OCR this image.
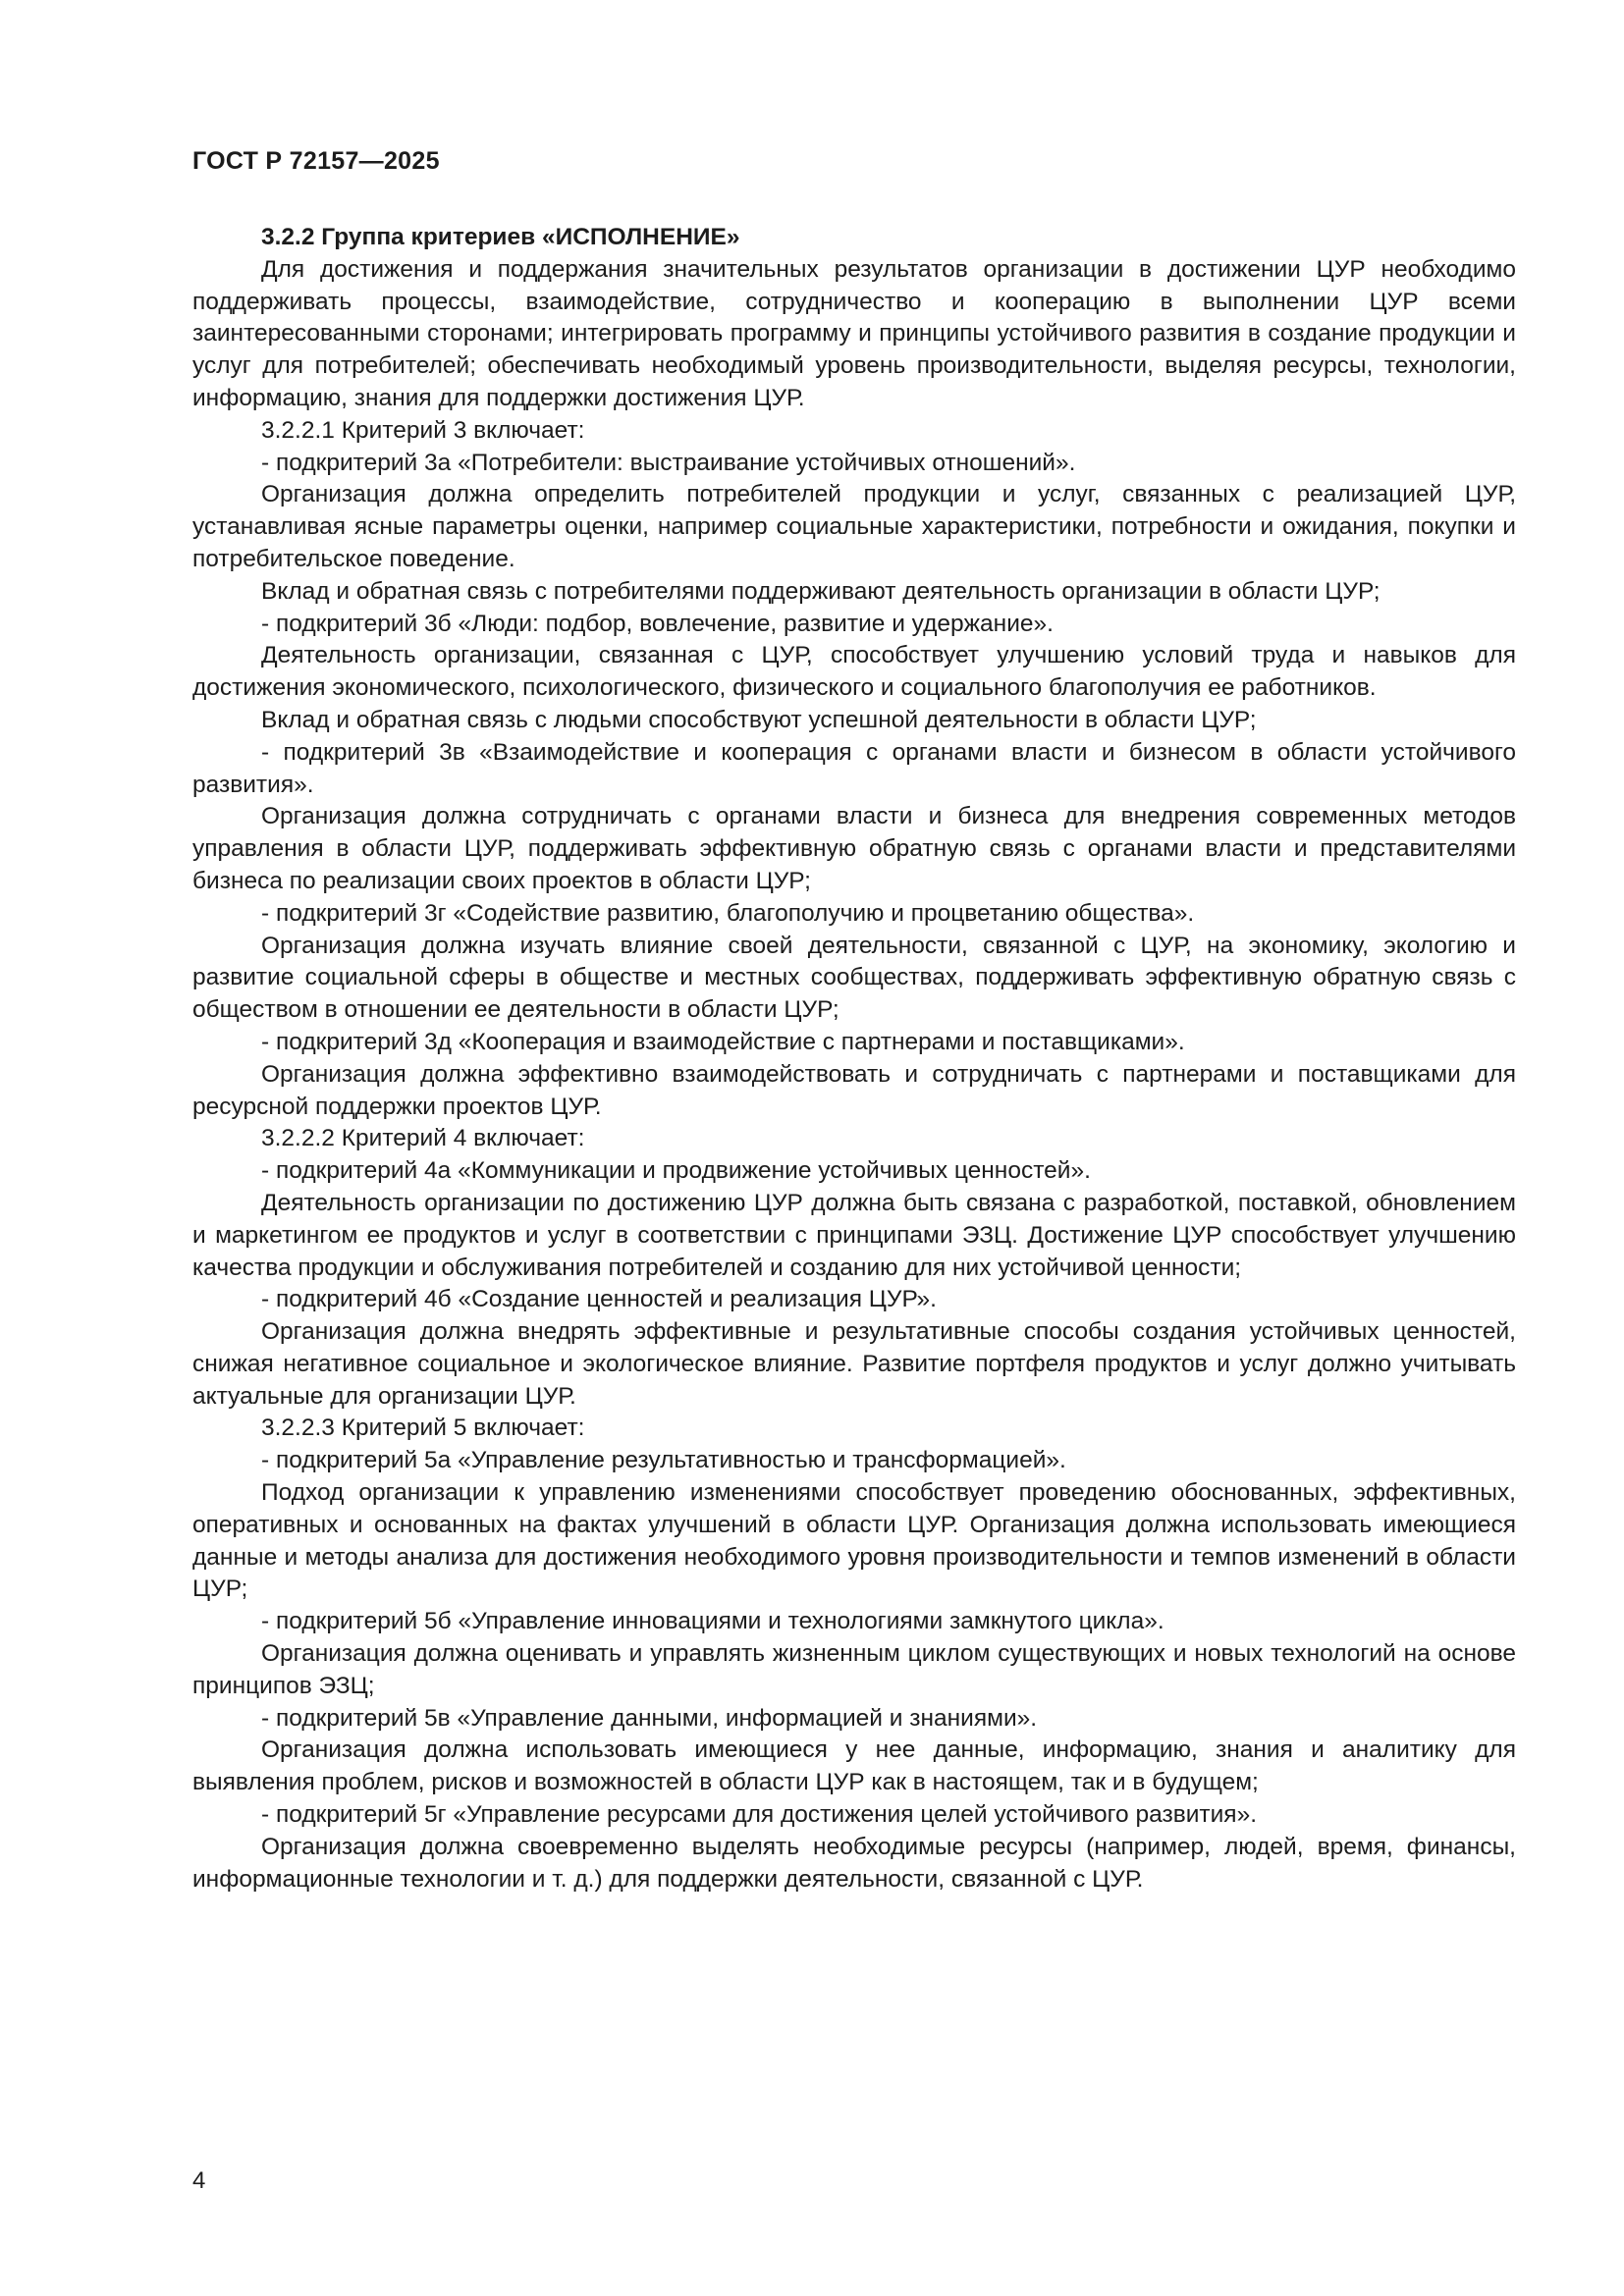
ГОСТ Р 72157—2025

3.2.2 Группа критериев «ИСПОЛНЕНИЕ»

Для достижения и поддержания значительных результатов организации в достижении ЦУР необходимо поддерживать процессы, взаимодействие, сотрудничество и кооперацию в выполнении ЦУР всеми заинтересованными сторонами; интегрировать программу и принципы устойчивого развития в создание продукции и услуг для потребителей; обеспечивать необходимый уровень производительности, выделяя ресурсы, технологии, информацию, знания для поддержки достижения ЦУР.

3.2.2.1 Критерий 3 включает:

- подкритерий 3а «Потребители: выстраивание устойчивых отношений».

Организация должна определить потребителей продукции и услуг, связанных с реализацией ЦУР, устанавливая ясные параметры оценки, например социальные характеристики, потребности и ожидания, покупки и потребительское поведение.

Вклад и обратная связь с потребителями поддерживают деятельность организации в области ЦУР;

- подкритерий 3б «Люди: подбор, вовлечение, развитие и удержание».

Деятельность организации, связанная с ЦУР, способствует улучшению условий труда и навыков для достижения экономического, психологического, физического и социального благополучия ее работников.

Вклад и обратная связь с людьми способствуют успешной деятельности в области ЦУР;

- подкритерий 3в «Взаимодействие и кооперация с органами власти и бизнесом в области устойчивого развития».

Организация должна сотрудничать с органами власти и бизнеса для внедрения современных методов управления в области ЦУР, поддерживать эффективную обратную связь с органами власти и представителями бизнеса по реализации своих проектов в области ЦУР;

- подкритерий 3г «Содействие развитию, благополучию и процветанию общества».

Организация должна изучать влияние своей деятельности, связанной с ЦУР, на экономику, экологию и развитие социальной сферы в обществе и местных сообществах, поддерживать эффективную обратную связь с обществом в отношении ее деятельности в области ЦУР;

- подкритерий 3д «Кооперация и взаимодействие с партнерами и поставщиками».

Организация должна эффективно взаимодействовать и сотрудничать с партнерами и поставщиками для ресурсной поддержки проектов ЦУР.

3.2.2.2 Критерий 4 включает:

- подкритерий 4а «Коммуникации и продвижение устойчивых ценностей».

Деятельность организации по достижению ЦУР должна быть связана с разработкой, поставкой, обновлением и маркетингом ее продуктов и услуг в соответствии с принципами ЭЗЦ. Достижение ЦУР способствует улучшению качества продукции и обслуживания потребителей и созданию для них устойчивой ценности;

- подкритерий 4б «Создание ценностей и реализация ЦУР».

Организация должна внедрять эффективные и результативные способы создания устойчивых ценностей, снижая негативное социальное и экологическое влияние. Развитие портфеля продуктов и услуг должно учитывать актуальные для организации ЦУР.

3.2.2.3 Критерий 5 включает:

- подкритерий 5а «Управление результативностью и трансформацией».

Подход организации к управлению изменениями способствует проведению обоснованных, эффективных, оперативных и основанных на фактах улучшений в области ЦУР. Организация должна использовать имеющиеся данные и методы анализа для достижения необходимого уровня производительности и темпов изменений в области ЦУР;

- подкритерий 5б «Управление инновациями и технологиями замкнутого цикла».

Организация должна оценивать и управлять жизненным циклом существующих и новых технологий на основе принципов ЭЗЦ;

- подкритерий 5в «Управление данными, информацией и знаниями».

Организация должна использовать имеющиеся у нее данные, информацию, знания и аналитику для выявления проблем, рисков и возможностей в области ЦУР как в настоящем, так и в будущем;

- подкритерий 5г «Управление ресурсами для достижения целей устойчивого развития».

Организация должна своевременно выделять необходимые ресурсы (например, людей, время, финансы, информационные технологии и т. д.) для поддержки деятельности, связанной с ЦУР.

4
